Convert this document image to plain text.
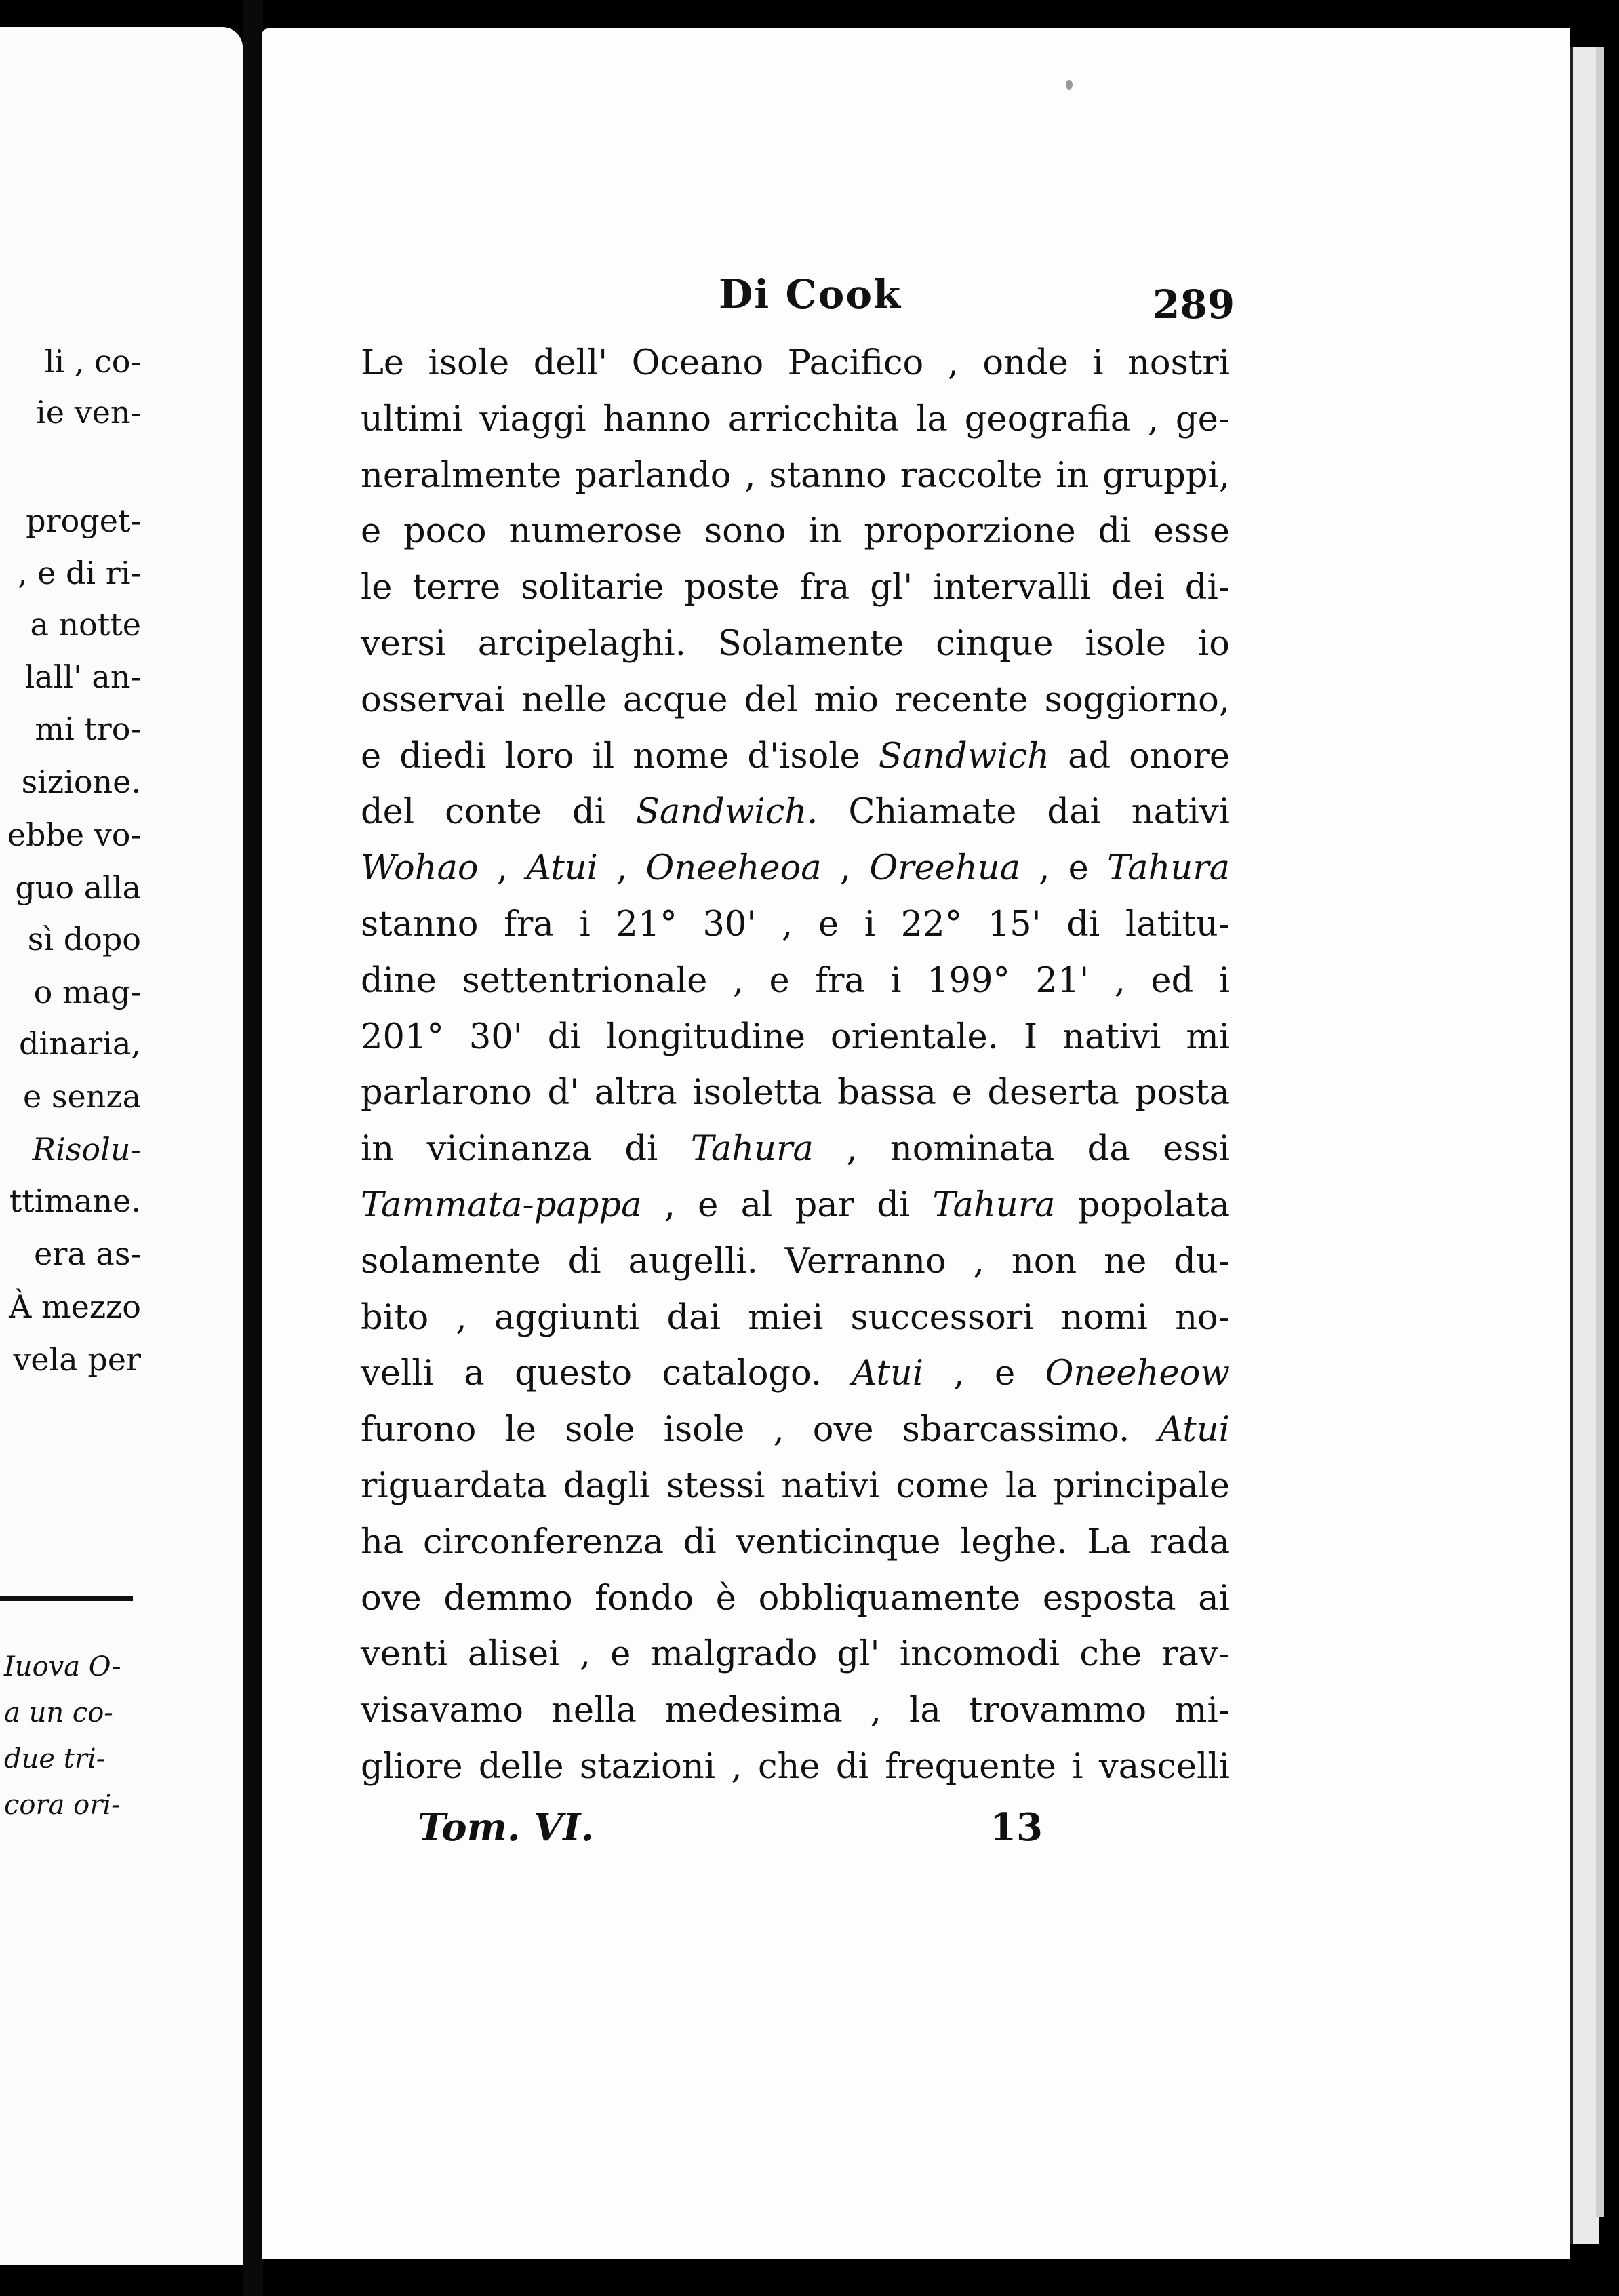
li , co-
ie ven-
proget-
, e di ri-
a notte
lall' an-
mi tro-
sizione.
ebbe vo-
guo alla
sì dopo
o mag-
dinaria,
e senza
Risolu-
ttimane.
era as-
À mezzo
vela per
Iuova O-
a un co-
due tri-
cora ori-
Di Cook	289
Le isole dell' Oceano Pacifico , onde i nostri
ultimi viaggi hanno arricchita la geografia , ge-
neralmente parlando , stanno raccolte in gruppi,
e poco numerose sono in proporzione di esse
le terre solitarie poste fra gl' intervalli dei di-
versi arcipelaghi. Solamente cinque isole io
osservai nelle acque del mio recente soggiorno,
e diedi loro il nome d'isole Sandwich ad onore
del conte di Sandwich. Chiamate dai nativi
Wohao , Atui , Oneeheoa , Oreehua , e Tahura
stanno fra i 21° 30' , e i 22° 15' di latitu-
dine settentrionale , e fra i 199° 21' , ed i
201° 30' di longitudine orientale. I nativi mi
parlarono d' altra isoletta bassa e deserta posta
in vicinanza di Tahura , nominata da essi
Tammata-pappa , e al par di Tahura popolata
solamente di augelli. Verranno , non ne du-
bito , aggiunti dai miei successori nomi no-
velli a questo catalogo. Atui , e Oneeheow
furono le sole isole , ove sbarcassimo. Atui
riguardata dagli stessi nativi come la principale
ha circonferenza di venticinque leghe. La rada
ove demmo fondo è obbliquamente esposta ai
venti alisei , e malgrado gl' incomodi che rav-
visavamo nella medesima , la trovammo mi-
gliore delle stazioni , che di frequente i vascelli
Tom. VI.	13
